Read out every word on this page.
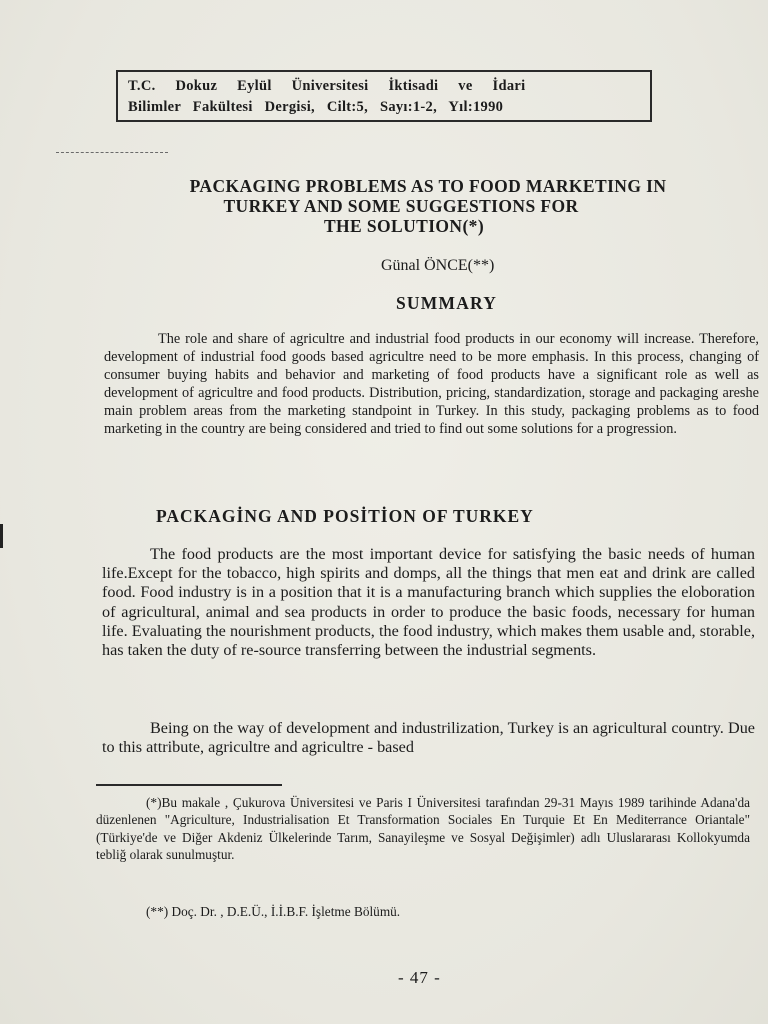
T.C. Dokuz Eylül Üniversitesi İktisadi ve İdari
Bilimler Fakültesi Dergisi, Cilt:5, Sayı:1-2, Yıl:1990
PACKAGING PROBLEMS AS TO FOOD MARKETING IN
TURKEY AND SOME SUGGESTIONS FOR
THE SOLUTION(*)
Günal ÖNCE(**)
SUMMARY
The role and share of agricultre and industrial food products in our economy will increase. Therefore, development of industrial food goods based agricultre need to be more emphasis. In this process, changing of consumer buying habits and behavior and marketing of food products have a significant role as well as development of agricultre and food products. Distribution, pricing, standardization, storage and packaging areshe main problem areas from the marketing standpoint in Turkey. In this study, packaging problems as to food marketing in the country are being considered and tried to find out some solutions for a progression.
PACKAGİNG AND POSİTİON OF TURKEY
The food products are the most important device for satisfying the basic needs of human life.Except for the tobacco, high spirits and domps, all the things that men eat and drink are called food. Food industry is in a position that it is a manufacturing branch which supplies the eloboration of agricultural, animal and sea products in order to produce the basic foods, necessary for human life. Evaluating the nourishment products, the food industry, which makes them usable and, storable, has taken the duty of re-source transferring between the industrial segments.
Being on the way of development and industrilization, Turkey is an agricultural country. Due to this attribute, agricultre and agricultre - based
(*)Bu makale , Çukurova Üniversitesi ve Paris I Üniversitesi tarafından 29-31 Mayıs 1989 tarihinde Adana'da düzenlenen "Agriculture, Industrialisation Et Transformation Sociales En Turquie Et En Mediterrance Oriantale" (Türkiye'de ve Diğer Akdeniz Ülkelerinde Tarım, Sanayileşme ve Sosyal Değişimler) adlı Uluslararası Kollokyumda tebliğ olarak sunulmuştur.
(**) Doç. Dr. , D.E.Ü., İ.İ.B.F. İşletme Bölümü.
- 47 -
